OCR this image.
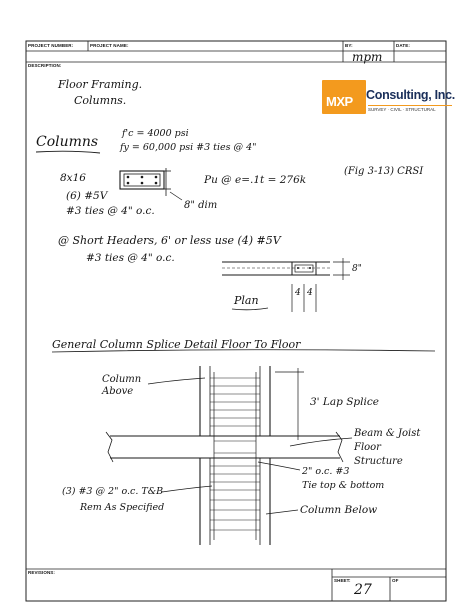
PROJECT NUMBER:	PROJECT NAME:	BY:
mpm
DATE:
DESCRIPTION:
REVISIONS:
SHEET:
27
OF
Floor Framing.
Columns.	MXP Consulting, Inc.
SURVEY · CIVIL · STRUCTURAL
Columns
f'c = 4000 psi
fy = 60,000 psi #3 ties @ 4"
8x16	Pu @ e=.1t = 276k
(Fig 3-13) CRSI
(6) #5V
#3 ties @ 4" o.c.	8" dim
@ Short Headers, 6' or less use (4) #5V
#3 ties @ 4" o.c.
Plan
4 4
8"
General Column Splice Detail Floor To Floor
Column Above
3' Lap Splice
Beam & Joist
Floor
Structure
2" o.c. #3
Tie top & bottom
(3) #3 @ 2" o.c. T&B
Rem As Specified	Column Below
